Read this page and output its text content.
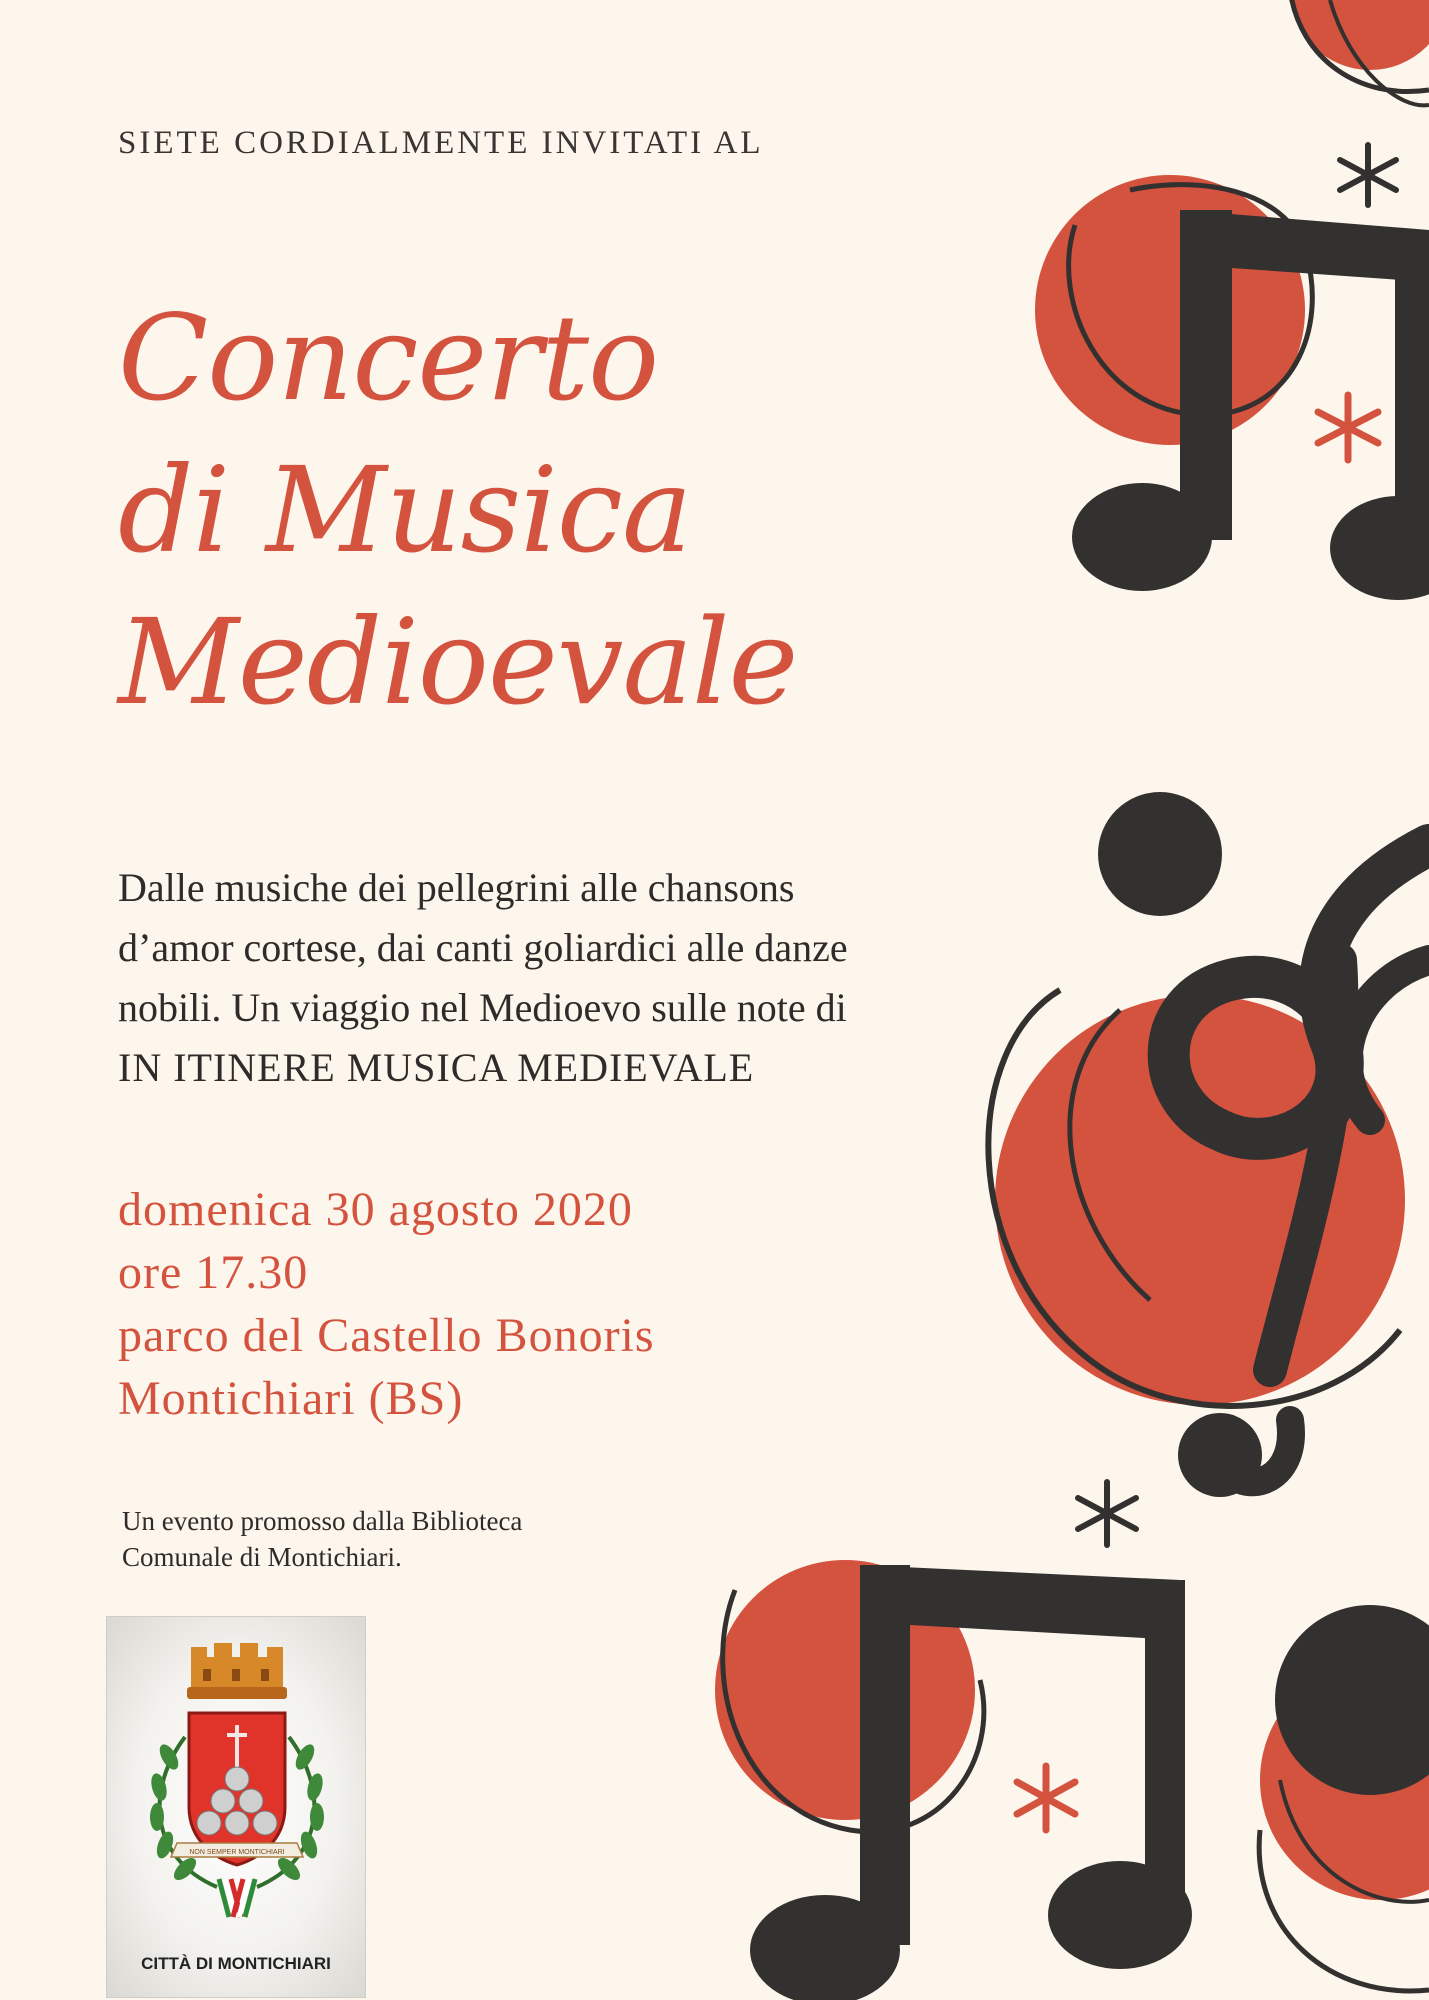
SIETE CORDIALMENTE INVITATI AL
Concerto
di Musica
Medioevale
Dalle musiche dei pellegrini alle chansons
d’amor cortese, dai canti goliardici alle danze
nobili. Un viaggio nel Medioevo sulle note di
IN ITINERE MUSICA MEDIEVALE
domenica 30 agosto 2020
ore 17.30
parco del Castello Bonoris
Montichiari (BS)
Un evento promosso dalla Biblioteca
Comunale di Montichiari.
NON SEMPER MONTICHIARI
CITTÀ DI MONTICHIARI
